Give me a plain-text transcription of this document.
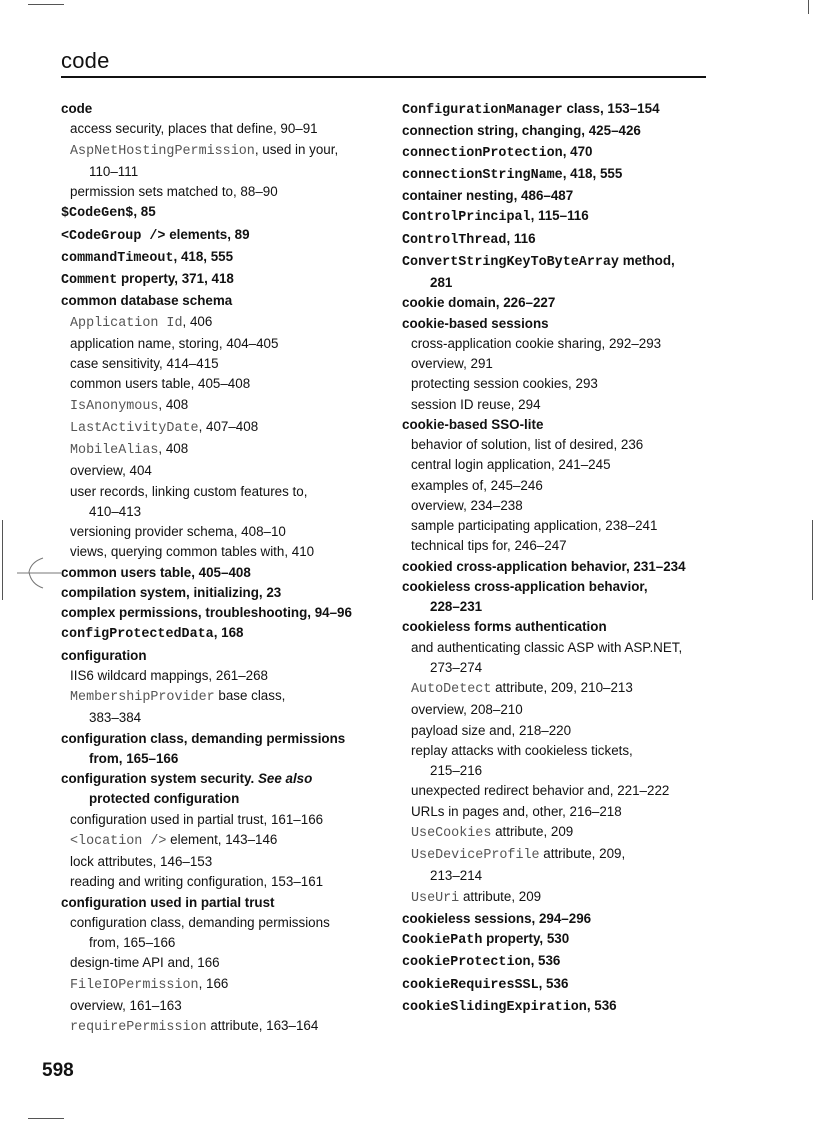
code
code
access security, places that define, 90–91
AspNetHostingPermission, used in your,
110–111
permission sets matched to, 88–90
$CodeGen$, 85
<CodeGroup /> elements, 89
commandTimeout, 418, 555
Comment property, 371, 418
common database schema
Application Id, 406
application name, storing, 404–405
case sensitivity, 414–415
common users table, 405–408
IsAnonymous, 408
LastActivityDate, 407–408
MobileAlias, 408
overview, 404
user records, linking custom features to,
410–413
versioning provider schema, 408–10
views, querying common tables with, 410
common users table, 405–408
compilation system, initializing, 23
complex permissions, troubleshooting, 94–96
configProtectedData, 168
configuration
IIS6 wildcard mappings, 261–268
MembershipProvider base class,
383–384
configuration class, demanding permissions
from, 165–166
configuration system security. See also
protected configuration
configuration used in partial trust, 161–166
<location /> element, 143–146
lock attributes, 146–153
reading and writing configuration, 153–161
configuration used in partial trust
configuration class, demanding permissions
from, 165–166
design-time API and, 166
FileIOPermission, 166
overview, 161–163
requirePermission attribute, 163–164
ConfigurationManager class, 153–154
connection string, changing, 425–426
connectionProtection, 470
connectionStringName, 418, 555
container nesting, 486–487
ControlPrincipal, 115–116
ControlThread, 116
ConvertStringKeyToByteArray method,
281
cookie domain, 226–227
cookie-based sessions
cross-application cookie sharing, 292–293
overview, 291
protecting session cookies, 293
session ID reuse, 294
cookie-based SSO-lite
behavior of solution, list of desired, 236
central login application, 241–245
examples of, 245–246
overview, 234–238
sample participating application, 238–241
technical tips for, 246–247
cookied cross-application behavior, 231–234
cookieless cross-application behavior,
228–231
cookieless forms authentication
and authenticating classic ASP with ASP.NET,
273–274
AutoDetect attribute, 209, 210–213
overview, 208–210
payload size and, 218–220
replay attacks with cookieless tickets,
215–216
unexpected redirect behavior and, 221–222
URLs in pages and, other, 216–218
UseCookies attribute, 209
UseDeviceProfile attribute, 209,
213–214
UseUri attribute, 209
cookieless sessions, 294–296
CookiePath property, 530
cookieProtection, 536
cookieRequiresSSL, 536
cookieSlidingExpiration, 536
598
